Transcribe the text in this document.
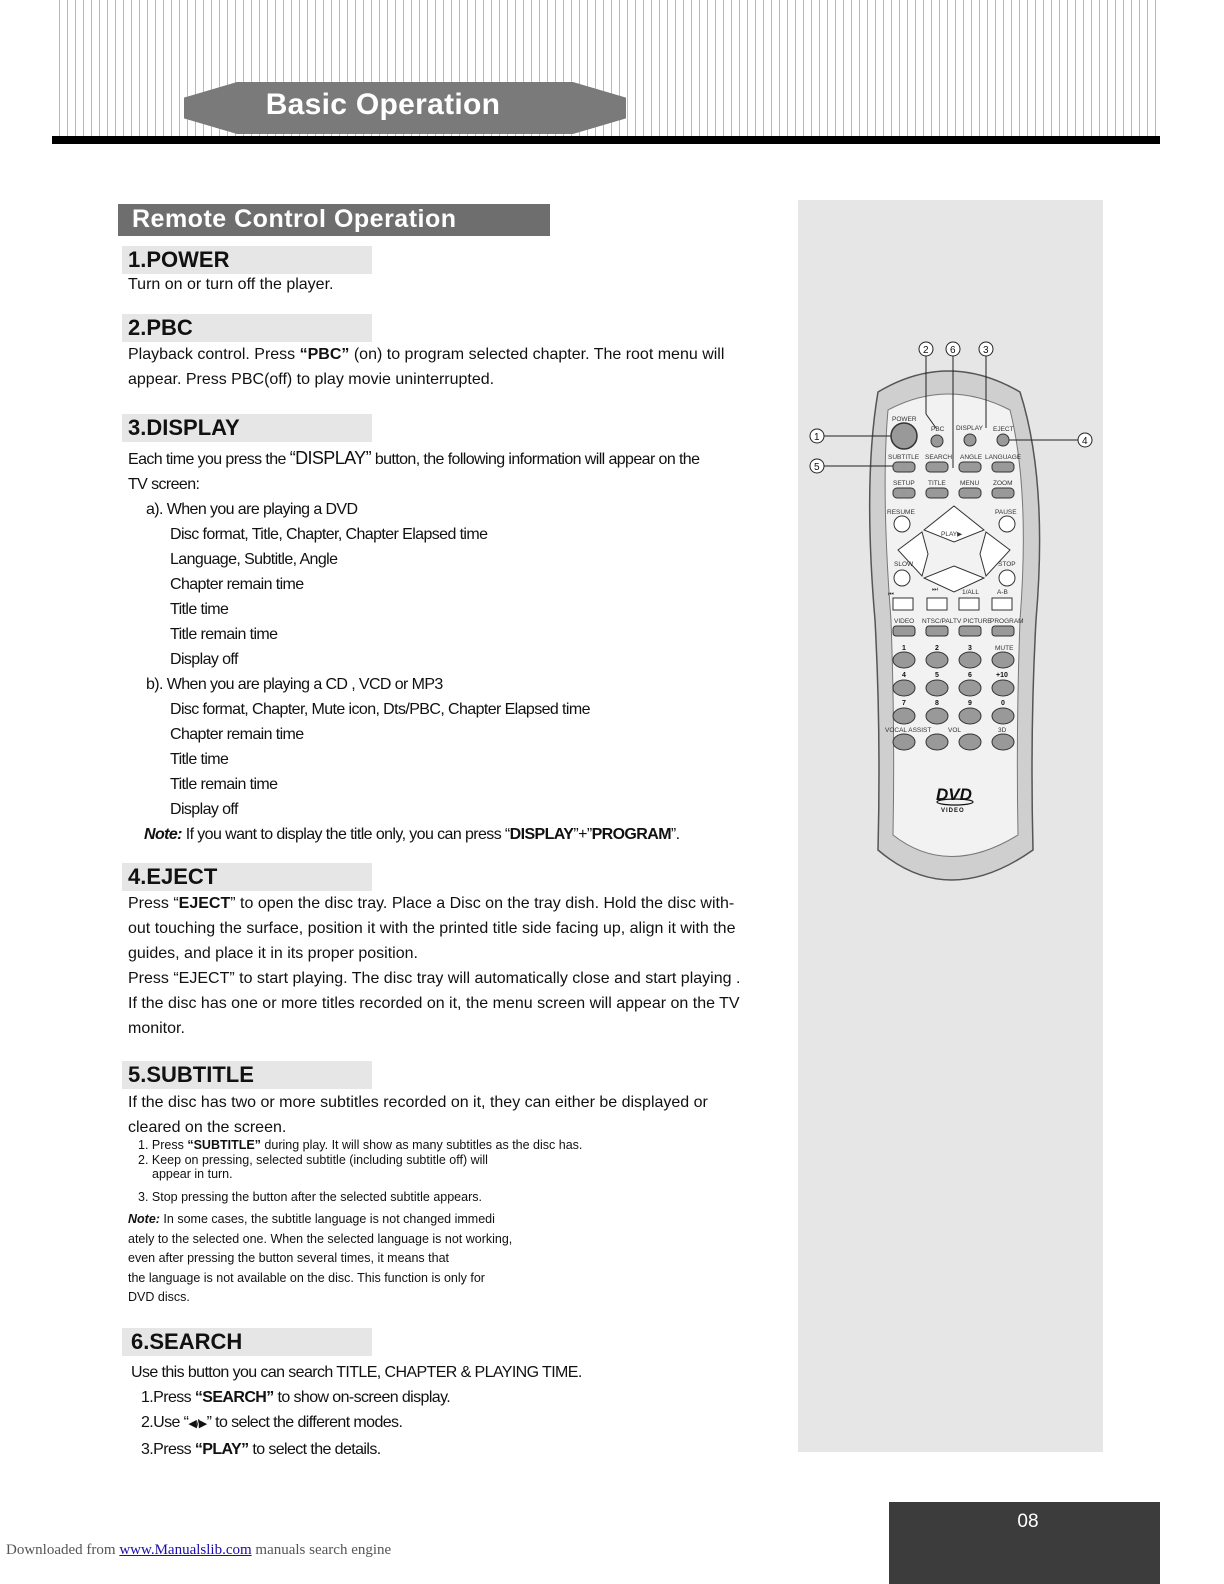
Basic Operation
Remote Control Operation
1.POWER
Turn on or turn off the player.
2.PBC
Playback control. Press “PBC” (on) to program selected chapter. The root menu will
appear. Press PBC(off) to play movie uninterrupted.
3.DISPLAY
Each time you press the “DISPLAY” button, the following information will appear on the
TV screen:
a). When you are playing a DVD
Disc format, Title, Chapter, Chapter Elapsed time
Language, Subtitle, Angle
Chapter remain time
Title time
Title remain time
Display off
b). When you are playing a CD , VCD or MP3
Disc format, Chapter, Mute icon, Dts/PBC, Chapter Elapsed time
Chapter remain time
Title time
Title remain time
Display off
Note: If you want to display the title only, you can press “DISPLAY”+”PROGRAM”.
4.EJECT
Press “EJECT” to open the disc tray. Place a Disc on the tray dish. Hold the disc with-
out touching the surface, position it with the printed title side facing up, align it with the
guides, and place it in its proper position.
Press “EJECT” to start playing. The disc tray will automatically close and start playing .
If the disc has one or more titles recorded on it, the menu screen will appear on the TV
monitor.
5.SUBTITLE
If the disc has two or more subtitles recorded on it, they can either be displayed or
cleared on the screen.
1. Press “SUBTITLE” during play. It will show as many subtitles as the disc has.
2. Keep on pressing, selected subtitle (including subtitle off) will
appear in turn.
3. Stop pressing the button after the selected subtitle appears.
Note: In some cases, the subtitle language is not changed immedi
ately to the selected one. When the selected language is not working,
even after pressing the button several times, it means that
the language is not available on the disc. This function is only for
DVD discs.
6.SEARCH
Use this button you can search TITLE, CHAPTER & PLAYING TIME.
1.Press “SEARCH” to show on-screen display.
2.Use “◀/▶” to select the different modes.
3.Press “PLAY” to select the details.
1
2	3
4
5
6
POWER
PBC DISPLAY EJECT
SUBTITLE SEARCH ANGLE LANGUAGE
SETUP TITLE MENU ZOOM
RESUME	PAUSE
PLAY▶
SLOW	STOP
⏮
⏭	1/ALL	A-B
VIDEO NTSC/PAL TV PICTURE
PROGRAM
1	2	3	MUTE
4	5	6	+10
7	8	9	0
VOCAL ASSIST	VOL	3D
DVD
VIDEO
08
Downloaded from www.Manualslib.com manuals search engine
